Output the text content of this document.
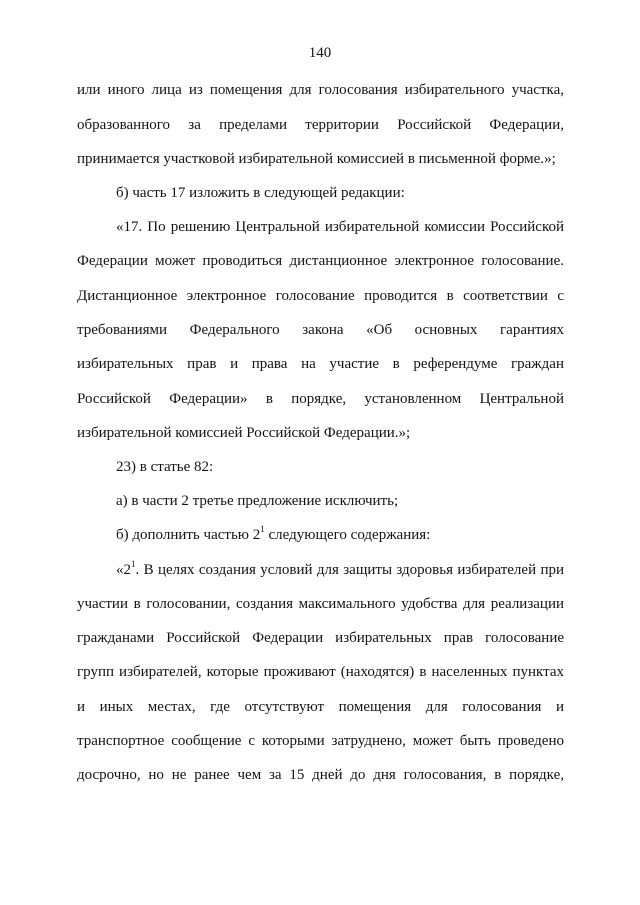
140
или иного лица из помещения для голосования избирательного участка,
образованного за пределами территории Российской Федерации,
принимается участковой избирательной комиссией в письменной форме.»;
б) часть 17 изложить в следующей редакции:
«17. По решению Центральной избирательной комиссии Российской
Федерации может проводиться дистанционное электронное голосование.
Дистанционное электронное голосование проводится в соответствии с
требованиями Федерального закона «Об основных гарантиях
избирательных прав и права на участие в референдуме граждан
Российской Федерации» в порядке, установленном Центральной
избирательной комиссией Российской Федерации.»;
23) в статье 82:
а) в части 2 третье предложение исключить;
б) дополнить частью $2^1$ следующего содержания:
«$2^1$. В целях создания условий для защиты здоровья избирателей при
участии в голосовании, создания максимального удобства для реализации
гражданами Российской Федерации избирательных прав голосование
групп избирателей, которые проживают (находятся) в населенных пунктах
и иных местах, где отсутствуют помещения для голосования и
транспортное сообщение с которыми затруднено, может быть проведено
досрочно, но не ранее чем за 15 дней до дня голосования, в порядке,
